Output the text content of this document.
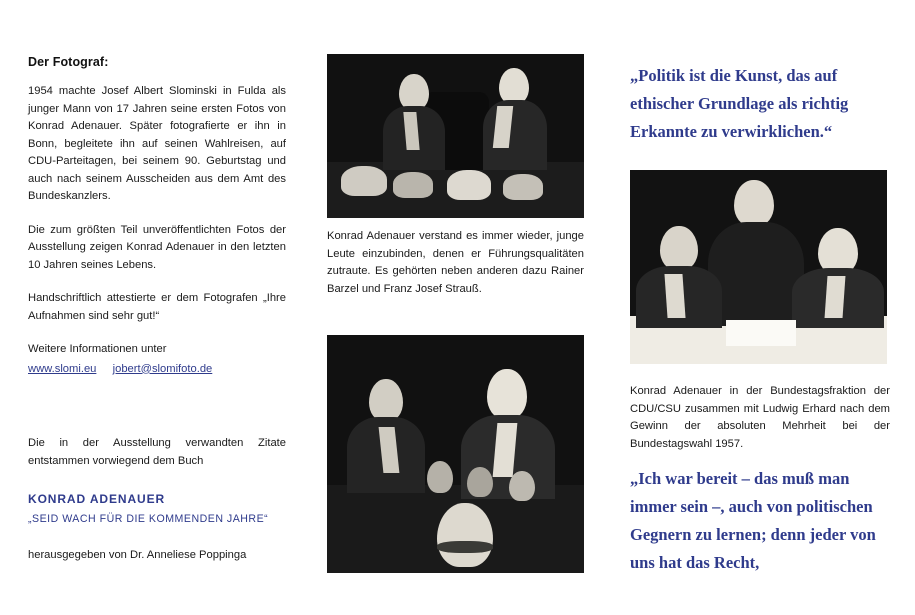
Der Fotograf:

1954 machte Josef Albert Slominski in Fulda als junger Mann von 17 Jahren seine ersten Fotos von Konrad Adenauer. Später fotografierte er ihn in Bonn, begleitete ihn auf seinen Wahlreisen, auf CDU-Parteitagen, bei seinem 90. Geburtstag und auch nach seinem Ausscheiden aus dem Amt des Bundeskanzlers.

Die zum größten Teil unveröffentlichten Fotos der Ausstellung zeigen Konrad Adenauer in den letzten 10 Jahren seines Lebens.

Handschriftlich attestierte er dem Fotografen „Ihre Aufnahmen sind sehr gut!“

Weitere Informationen unter

www.slomi.eu jobert@slomifoto.de

Die in der Ausstellung verwandten Zitate entstammen vorwiegend dem Buch

KONRAD ADENAUER

„SEID WACH FÜR DIE KOMMENDEN JAHRE“

herausgegeben von Dr. Anneliese Poppinga

Konrad Adenauer verstand es immer wieder, junge Leute einzubinden, denen er Führungsqualitäten zutraute. Es gehörten neben anderen dazu Rainer Barzel und Franz Josef Strauß.

„Politik ist die Kunst, das auf ethischer Grundlage als richtig Erkannte zu verwirklichen.“

Konrad Adenauer in der Bundestagsfraktion der CDU/CSU zusammen mit Ludwig Erhard nach dem Gewinn der absoluten Mehrheit bei der Bundestagswahl 1957.

„Ich war bereit – das muß man immer sein –, auch von politischen Gegnern zu lernen; denn jeder von uns hat das Recht,
